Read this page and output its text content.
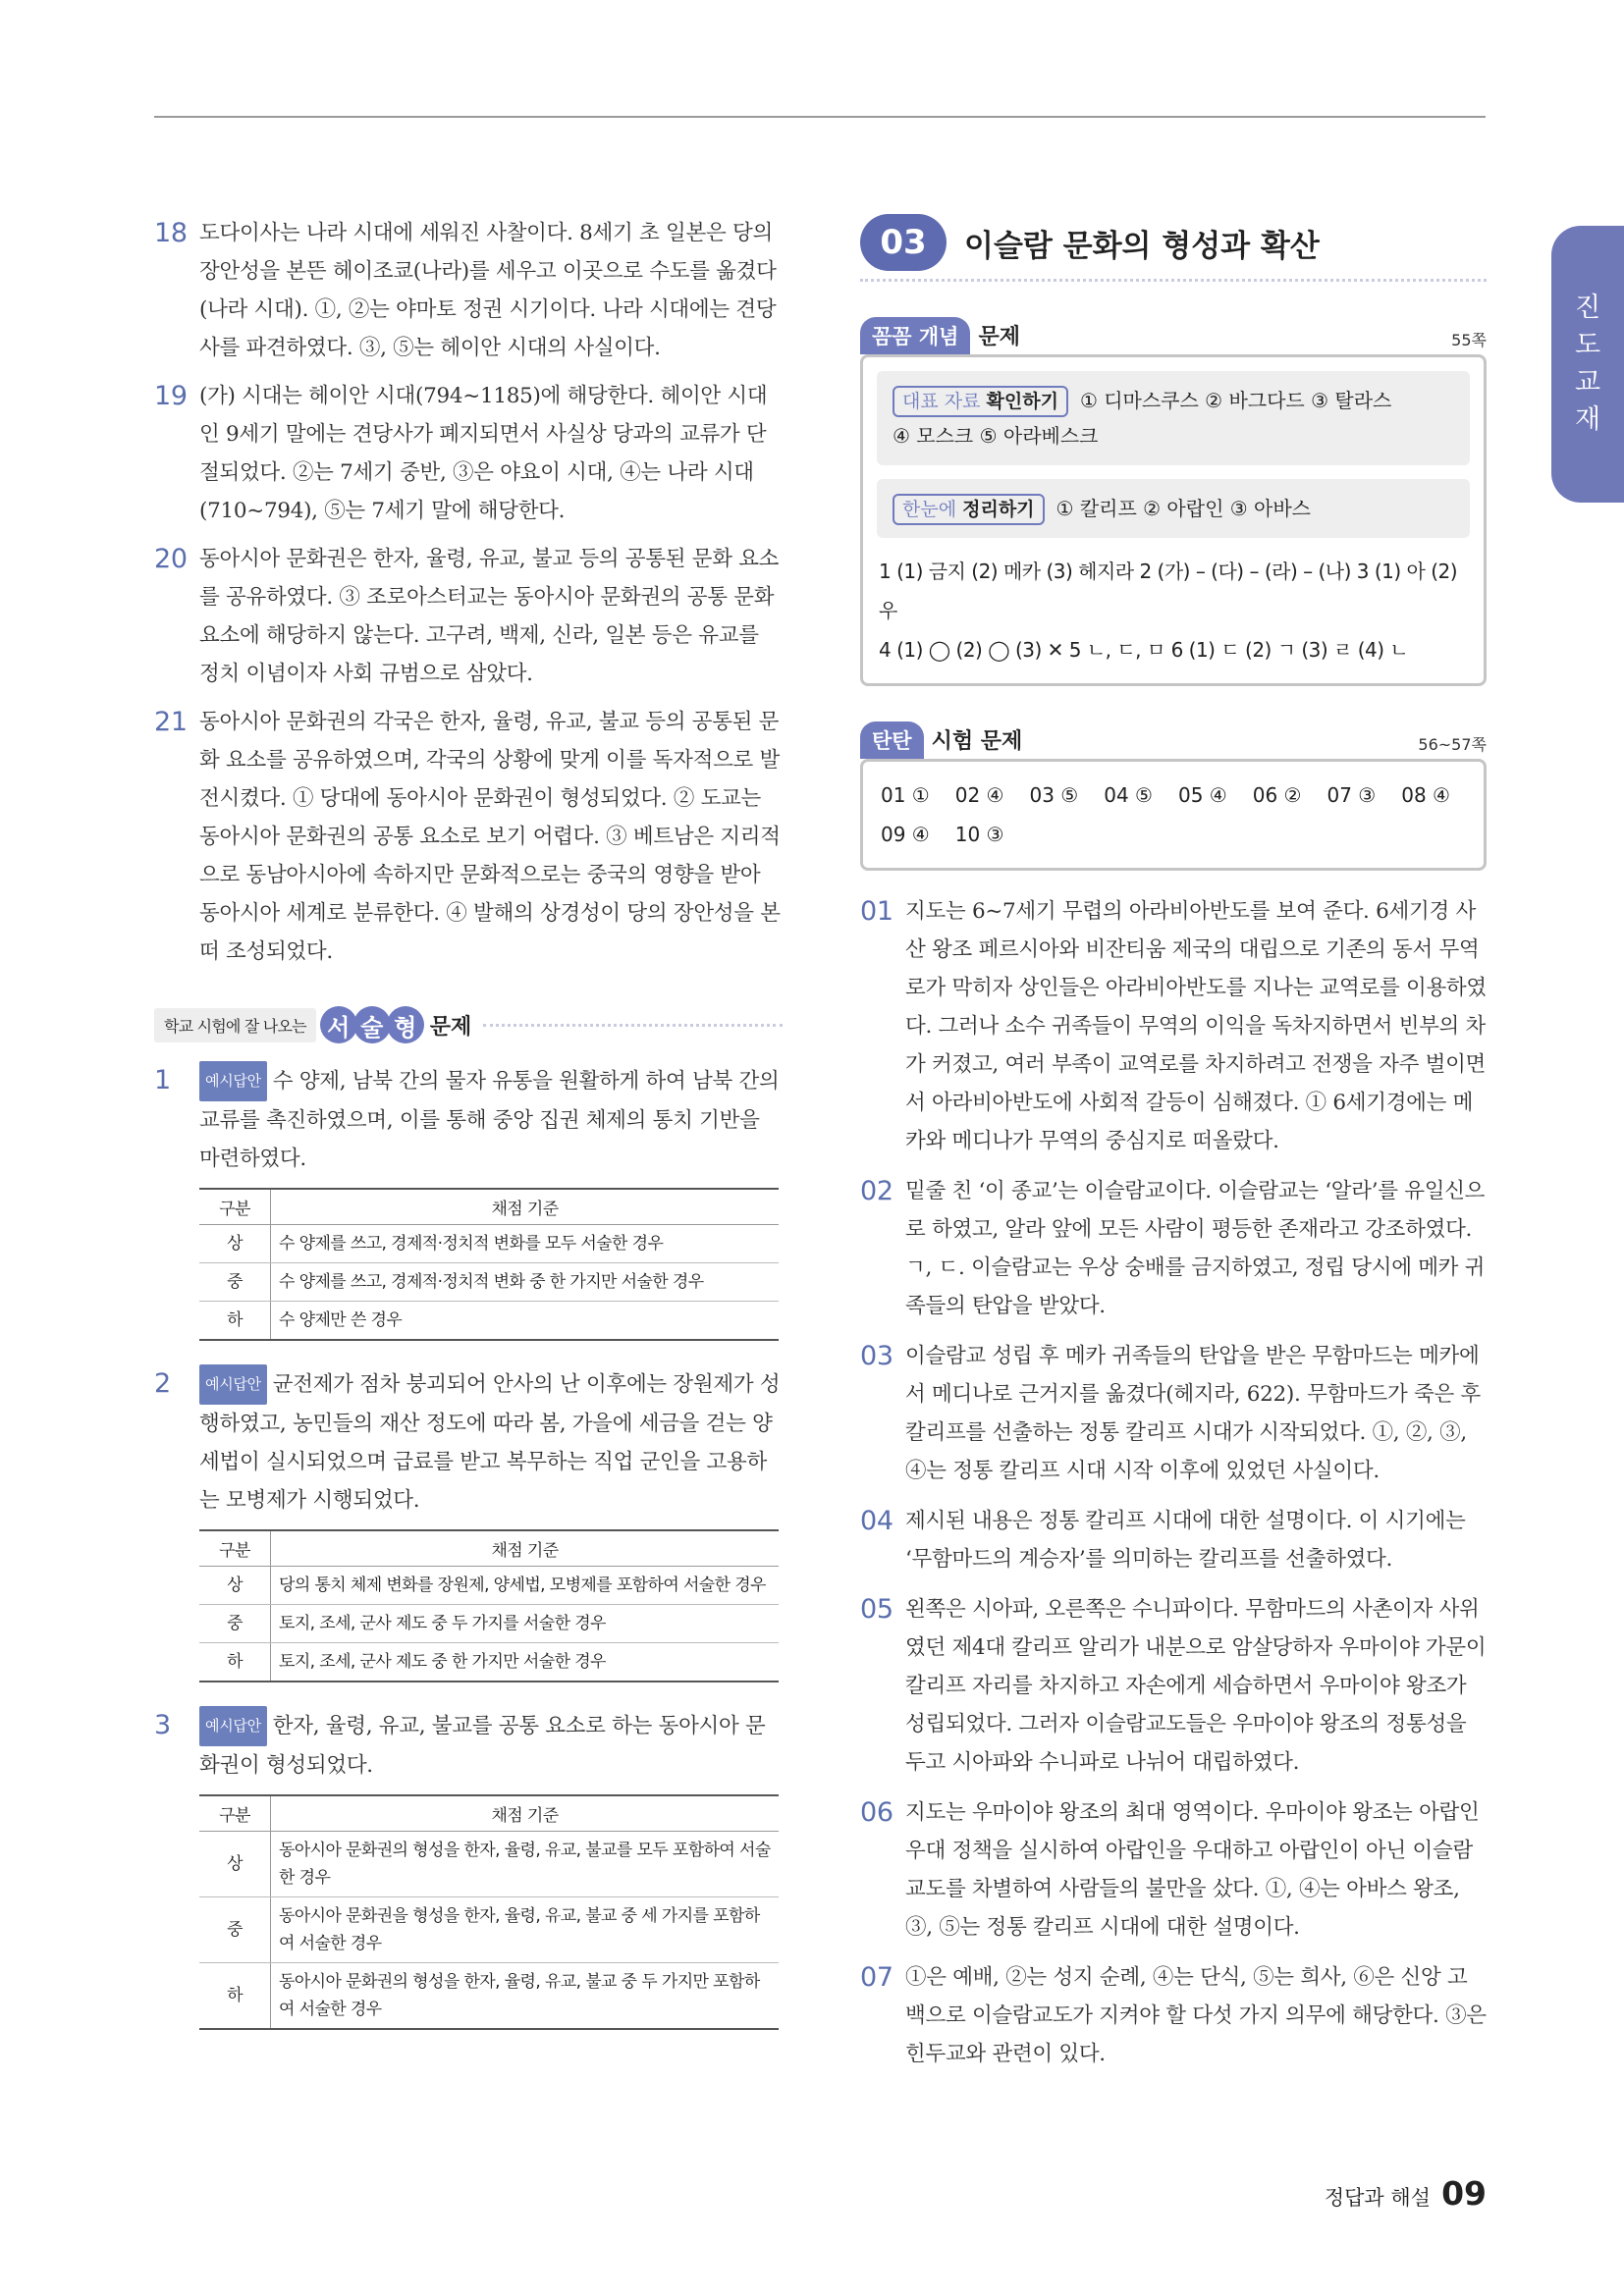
진
도
교
재
18 도다이사는 나라 시대에 세워진 사찰이다. 8세기 초 일본은 당의 장안성을 본뜬 헤이조쿄(나라)를 세우고 이곳으로 수도를 옮겼다(나라 시대). ①, ②는 야마토 정권 시기이다. 나라 시대에는 견당사를 파견하였다. ③, ⑤는 헤이안 시대의 사실이다.
19 (가) 시대는 헤이안 시대(794~1185)에 해당한다. 헤이안 시대인 9세기 말에는 견당사가 폐지되면서 사실상 당과의 교류가 단절되었다. ②는 7세기 중반, ③은 야요이 시대, ④는 나라 시대(710~794), ⑤는 7세기 말에 해당한다.
20 동아시아 문화권은 한자, 율령, 유교, 불교 등의 공통된 문화 요소를 공유하였다. ③ 조로아스터교는 동아시아 문화권의 공통 문화 요소에 해당하지 않는다. 고구려, 백제, 신라, 일본 등은 유교를 정치 이념이자 사회 규범으로 삼았다.
21 동아시아 문화권의 각국은 한자, 율령, 유교, 불교 등의 공통된 문화 요소를 공유하였으며, 각국의 상황에 맞게 이를 독자적으로 발전시켰다. ① 당대에 동아시아 문화권이 형성되었다. ② 도교는 동아시아 문화권의 공통 요소로 보기 어렵다. ③ 베트남은 지리적으로 동남아시아에 속하지만 문화적으로는 중국의 영향을 받아 동아시아 세계로 분류한다. ④ 발해의 상경성이 당의 장안성을 본떠 조성되었다.
학교 시험에 잘 나오는 서 술 형 문제
1 예시답안 수 양제, 남북 간의 물자 유통을 원활하게 하여 남북 간의 교류를 촉진하였으며, 이를 통해 중앙 집권 체제의 통치 기반을 마련하였다.
구분	채점 기준
상	수 양제를 쓰고, 경제적·정치적 변화를 모두 서술한 경우
중	수 양제를 쓰고, 경제적·정치적 변화 중 한 가지만 서술한 경우
하	수 양제만 쓴 경우
2 예시답안 균전제가 점차 붕괴되어 안사의 난 이후에는 장원제가 성행하였고, 농민들의 재산 정도에 따라 봄, 가을에 세금을 걷는 양세법이 실시되었으며 급료를 받고 복무하는 직업 군인을 고용하는 모병제가 시행되었다.
구분	채점 기준
상	당의 통치 체제 변화를 장원제, 양세법, 모병제를 포함하여 서술한 경우
중	토지, 조세, 군사 제도 중 두 가지를 서술한 경우
하	토지, 조세, 군사 제도 중 한 가지만 서술한 경우
3 예시답안 한자, 율령, 유교, 불교를 공통 요소로 하는 동아시아 문화권이 형성되었다.
구분	채점 기준
상	동아시아 문화권의 형성을 한자, 율령, 유교, 불교를 모두 포함하여 서술한 경우
중	동아시아 문화권을 형성을 한자, 율령, 유교, 불교 중 세 가지를 포함하여 서술한 경우
하	동아시아 문화권의 형성을 한자, 율령, 유교, 불교 중 두 가지만 포함하여 서술한 경우
03	이슬람 문화의 형성과 확산
꼼꼼 개념 문제	55쪽
대표 자료 확인하기 ① 디마스쿠스 ② 바그다드 ③ 탈라스
④ 모스크 ⑤ 아라베스크
한눈에 정리하기 ① 칼리프 ② 아랍인 ③ 아바스
1 (1) 금지 (2) 메카 (3) 헤지라 2 (가) – (다) – (라) – (나) 3 (1) 아 (2) 우
4 (1) ◯ (2) ◯ (3) ✕ 5 ㄴ, ㄷ, ㅁ 6 (1) ㄷ (2) ㄱ (3) ㄹ (4) ㄴ
탄탄 시험 문제	56~57쪽
01 ① 02 ④ 03 ⑤ 04 ⑤ 05 ④ 06 ② 07 ③ 08 ④
09 ④ 10 ③
01 지도는 6~7세기 무렵의 아라비아반도를 보여 준다. 6세기경 사산 왕조 페르시아와 비잔티움 제국의 대립으로 기존의 동서 무역로가 막히자 상인들은 아라비아반도를 지나는 교역로를 이용하였다. 그러나 소수 귀족들이 무역의 이익을 독차지하면서 빈부의 차가 커졌고, 여러 부족이 교역로를 차지하려고 전쟁을 자주 벌이면서 아라비아반도에 사회적 갈등이 심해졌다. ① 6세기경에는 메카와 메디나가 무역의 중심지로 떠올랐다.
02 밑줄 친 ‘이 종교’는 이슬람교이다. 이슬람교는 ‘알라’를 유일신으로 하였고, 알라 앞에 모든 사람이 평등한 존재라고 강조하였다. ㄱ, ㄷ. 이슬람교는 우상 숭배를 금지하였고, 정립 당시에 메카 귀족들의 탄압을 받았다.
03 이슬람교 성립 후 메카 귀족들의 탄압을 받은 무함마드는 메카에서 메디나로 근거지를 옮겼다(헤지라, 622). 무함마드가 죽은 후 칼리프를 선출하는 정통 칼리프 시대가 시작되었다. ①, ②, ③, ④는 정통 칼리프 시대 시작 이후에 있었던 사실이다.
04 제시된 내용은 정통 칼리프 시대에 대한 설명이다. 이 시기에는 ‘무함마드의 계승자’를 의미하는 칼리프를 선출하였다.
05 왼쪽은 시아파, 오른쪽은 수니파이다. 무함마드의 사촌이자 사위였던 제4대 칼리프 알리가 내분으로 암살당하자 우마이야 가문이 칼리프 자리를 차지하고 자손에게 세습하면서 우마이야 왕조가 성립되었다. 그러자 이슬람교도들은 우마이야 왕조의 정통성을 두고 시아파와 수니파로 나뉘어 대립하였다.
06 지도는 우마이야 왕조의 최대 영역이다. 우마이야 왕조는 아랍인 우대 정책을 실시하여 아랍인을 우대하고 아랍인이 아닌 이슬람교도를 차별하여 사람들의 불만을 샀다. ①, ④는 아바스 왕조, ③, ⑤는 정통 칼리프 시대에 대한 설명이다.
07 ①은 예배, ②는 성지 순례, ④는 단식, ⑤는 희사, ⑥은 신앙 고백으로 이슬람교도가 지켜야 할 다섯 가지 의무에 해당한다. ③은 힌두교와 관련이 있다.
정답과 해설 09
